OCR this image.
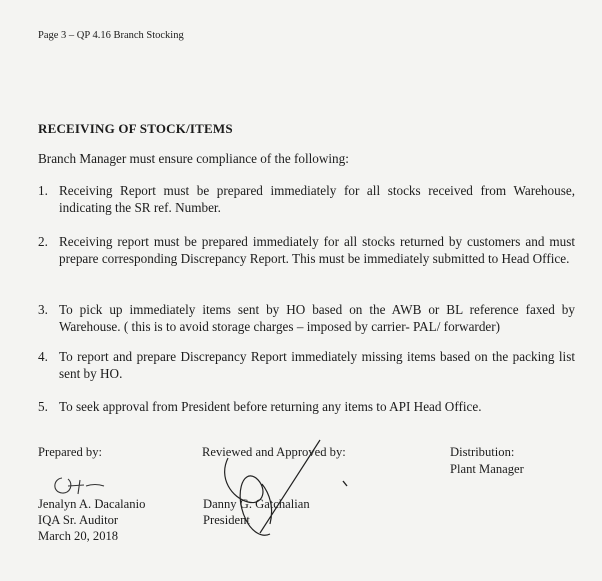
Page 3 – QP 4.16 Branch Stocking
RECEIVING OF STOCK/ITEMS
Branch Manager must ensure compliance of the following:
1. Receiving Report must be prepared immediately for all stocks received from Warehouse, indicating the SR ref. Number.
2. Receiving report must be prepared immediately for all stocks returned by customers and must prepare corresponding Discrepancy Report. This must be immediately submitted to Head Office.
3. To pick up immediately items sent by HO based on the AWB or BL reference faxed by Warehouse. ( this is to avoid storage charges – imposed by carrier- PAL/ forwarder)
4. To report and prepare Discrepancy Report immediately missing items based on the packing list sent by HO.
5. To seek approval from President before returning any items to API Head Office.
Prepared by:
Jenalyn A. Dacalanio
IQA Sr. Auditor
March 20, 2018
Reviewed and Approved by:
Danny G. Gatchalian
President
Distribution:
Plant Manager
